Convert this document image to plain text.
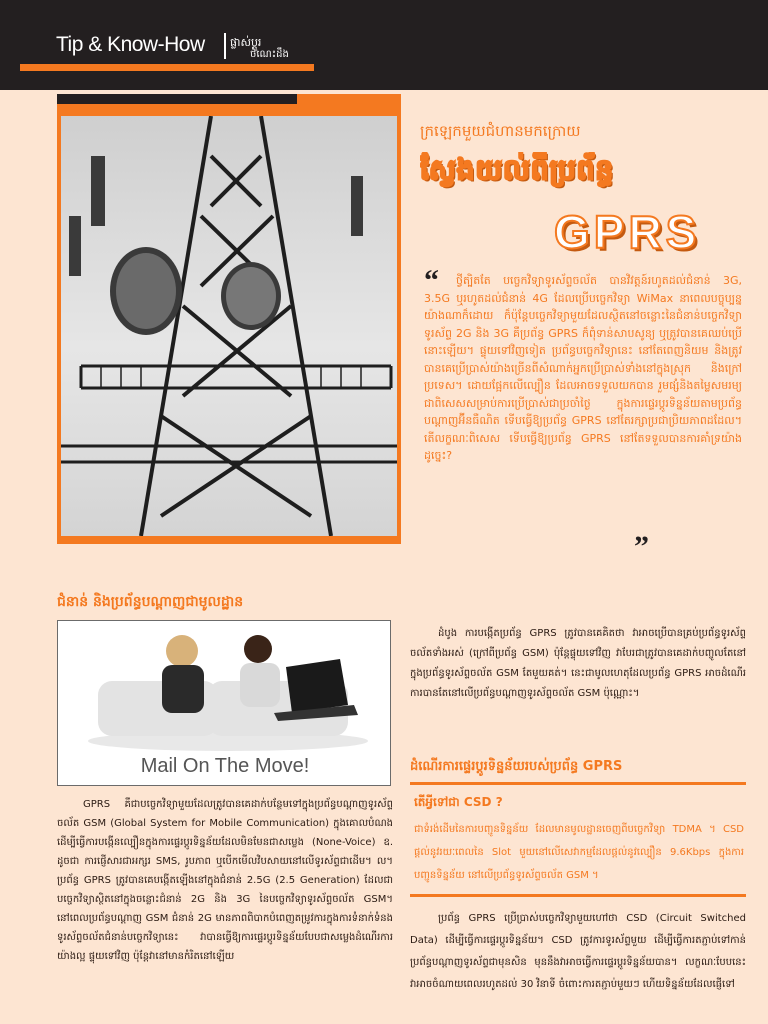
Tip & Know-How ផ្លាស់ប្តូរ
ចំណេះដឹង
ក្រឡេកមួយជំហានមកក្រោយ
ស្វែងយល់ពីប្រព័ន្ធ
GPRS
“	ថ្វីត្បិតតែ បច្ចេកវិទ្យាទូរស័ព្ទចល័ត បានវិវត្តន៍រហូតដល់ជំនាន់ 3G, 3.5G ឬរហូតដល់ជំនាន់ 4G ដែលប្រើបច្ចេកវិទ្យា WiMax នាពេលបច្ចុប្បន្នយ៉ាងណាក៏ដោយ ក៏ប៉ុន្តែបច្ចេកវិទ្យាមួយដែលស្ថិតនៅចន្លោះនៃជំនាន់បច្ចេកវិទ្យាទូរស័ព្ទ 2G និង 3G គឺប្រព័ន្ធ GPRS ក៏ពុំទាន់សាបសូន្យ ឬត្រូវបានគេឈប់ប្រើនោះឡើយ។ ផ្ទុយទៅវិញទៀត ប្រព័ន្ធបច្ចេកវិទ្យានេះ នៅតែពេញនិយម និងត្រូវបានគេប្រើប្រាស់យ៉ាងច្រើនពីសំណាក់អ្នកប្រើប្រាស់ទាំងនៅក្នុងស្រុក និងក្រៅប្រទេស។ ដោយផ្អែកលើល្បឿន ដែលអាចទទួលយកបាន រួមផ្សំនិងតម្លៃសមរម្យ ជាពិសេសសម្រាប់ការប្រើប្រាស់ជាប្រចាំថ្ងៃ ក្នុងការផ្ទេរប្តូរទិន្នន័យតាមប្រព័ន្ធបណ្តាញអ៊ីនធឺណិត ទើបធ្វើឱ្យប្រព័ន្ធ GPRS នៅតែរក្សាប្រជាប្រិយភាពដដែល។ តើលក្ខណៈពិសេស ទើបធ្វើឱ្យប្រព័ន្ធ GPRS នៅតែទទួលបានការគាំទ្រយ៉ាងដូច្នេះ?
”
ជំនាន់ និងប្រព័ន្ធបណ្តាញជាមូលដ្ឋាន
Mail On The Move!
GPRS គឺជាបច្ចេកវិទ្យាមួយដែលត្រូវបានគេដាក់បន្ថែមទៅក្នុងប្រព័ន្ធបណ្តាញទូរស័ព្ទចល័ត GSM (Global System for Mobile Communication) ក្នុងគោលបំណងដើម្បីធ្វើការបង្កើនល្បឿនក្នុងការផ្ទេរប្តូរទិន្នន័យដែលមិនមែនជាសម្លេង (None-Voice) ឧ. ដូចជា ការផ្ញើសារជាអក្សរ SMS, រូបភាព ឬបើកមើលវិបសាយនៅលើទូរស័ព្ទជាដើម។ ល។ ប្រព័ន្ធ GPRS ត្រូវបានគេបង្កើតឡើងនៅក្នុងជំនាន់ 2.5G (2.5 Generation) ដែលជាបច្ចេកវិទ្យាស្ថិតនៅក្នុងចន្លោះជំនាន់ 2G និង 3G នៃបច្ចេកវិទ្យាទូរស័ព្ទចល័ត GSM។ នៅពេលប្រព័ន្ធបណ្តាញ GSM ជំនាន់ 2G មានភាពពិបាកបំពេញតម្រូវការក្នុងការទំនាក់ទំនងទូរស័ព្ទចល័តជំនាន់បច្ចេកវិទ្យានេះ វាបានធ្វើឱ្យការផ្ទេរប្តូរទិន្នន័យបែបជាសម្លេងដំណើរការយ៉ាងល្អ ផ្ទុយទៅវិញ ប៉ុន្តែវានៅមានកំរិតនៅឡើយ
ដំបូង ការបង្កើតប្រព័ន្ធ GPRS ត្រូវបានគេគិតថា វាអាចប្រើបានគ្រប់ប្រព័ន្ធទូរស័ព្ទចល័តទាំងអស់ (ក្រៅពីប្រព័ន្ធ GSM) ប៉ុន្តែផ្ទុយទៅវិញ វាបែរជាត្រូវបានគេដាក់បញ្ចូលតែនៅក្នុងប្រព័ន្ធទូរស័ព្ទចល័ត GSM តែមួយគត់។ នេះជាមូលហេតុដែលប្រព័ន្ធ GPRS អាចដំណើរការបានតែនៅលើប្រព័ន្ធបណ្តាញទូរស័ព្ទចល័ត GSM ប៉ុណ្ណោះ។
ដំណើរការផ្ទេរប្តូរទិន្នន័យរបស់ប្រព័ន្ធ GPRS
តើអ្វីទៅជា CSD ?
ជាទំរង់ដើមនៃការបញ្ជូនទិន្នន័យ ដែលមានមូលដ្ឋានចេញពីបច្ចេកវិទ្យា TDMA ។ CSD ផ្តល់នូវរយៈពេលនៃ Slot មួយនៅលើសេវាកម្មដែលផ្តល់នូវល្បឿន 9.6Kbps ក្នុងការបញ្ជូនទិន្នន័យ នៅលើប្រព័ន្ធទូរស័ព្ទចល័ត GSM ។
ប្រព័ន្ធ GPRS ប្រើប្រាស់បច្ចេកវិទ្យាមួយហៅថា CSD (Circuit Switched Data) ដើម្បីធ្វើការផ្ទេរប្តូរទិន្នន័យ។ CSD ត្រូវការទូរស័ព្ទមួយ ដើម្បីធ្វើការតភ្ជាប់ទៅកាន់ប្រព័ន្ធបណ្តាញទូរស័ព្ទជាមុនសិន មុននឹងវាអាចធ្វើការផ្ទេរប្តូរទិន្នន័យបាន។ លក្ខណៈបែបនេះ វាអាចចំណាយពេលរហូតដល់ 30 វិនាទី ចំពោះការតភ្ជាប់មួយៗ ហើយទិន្នន័យដែលផ្ញើទៅ
